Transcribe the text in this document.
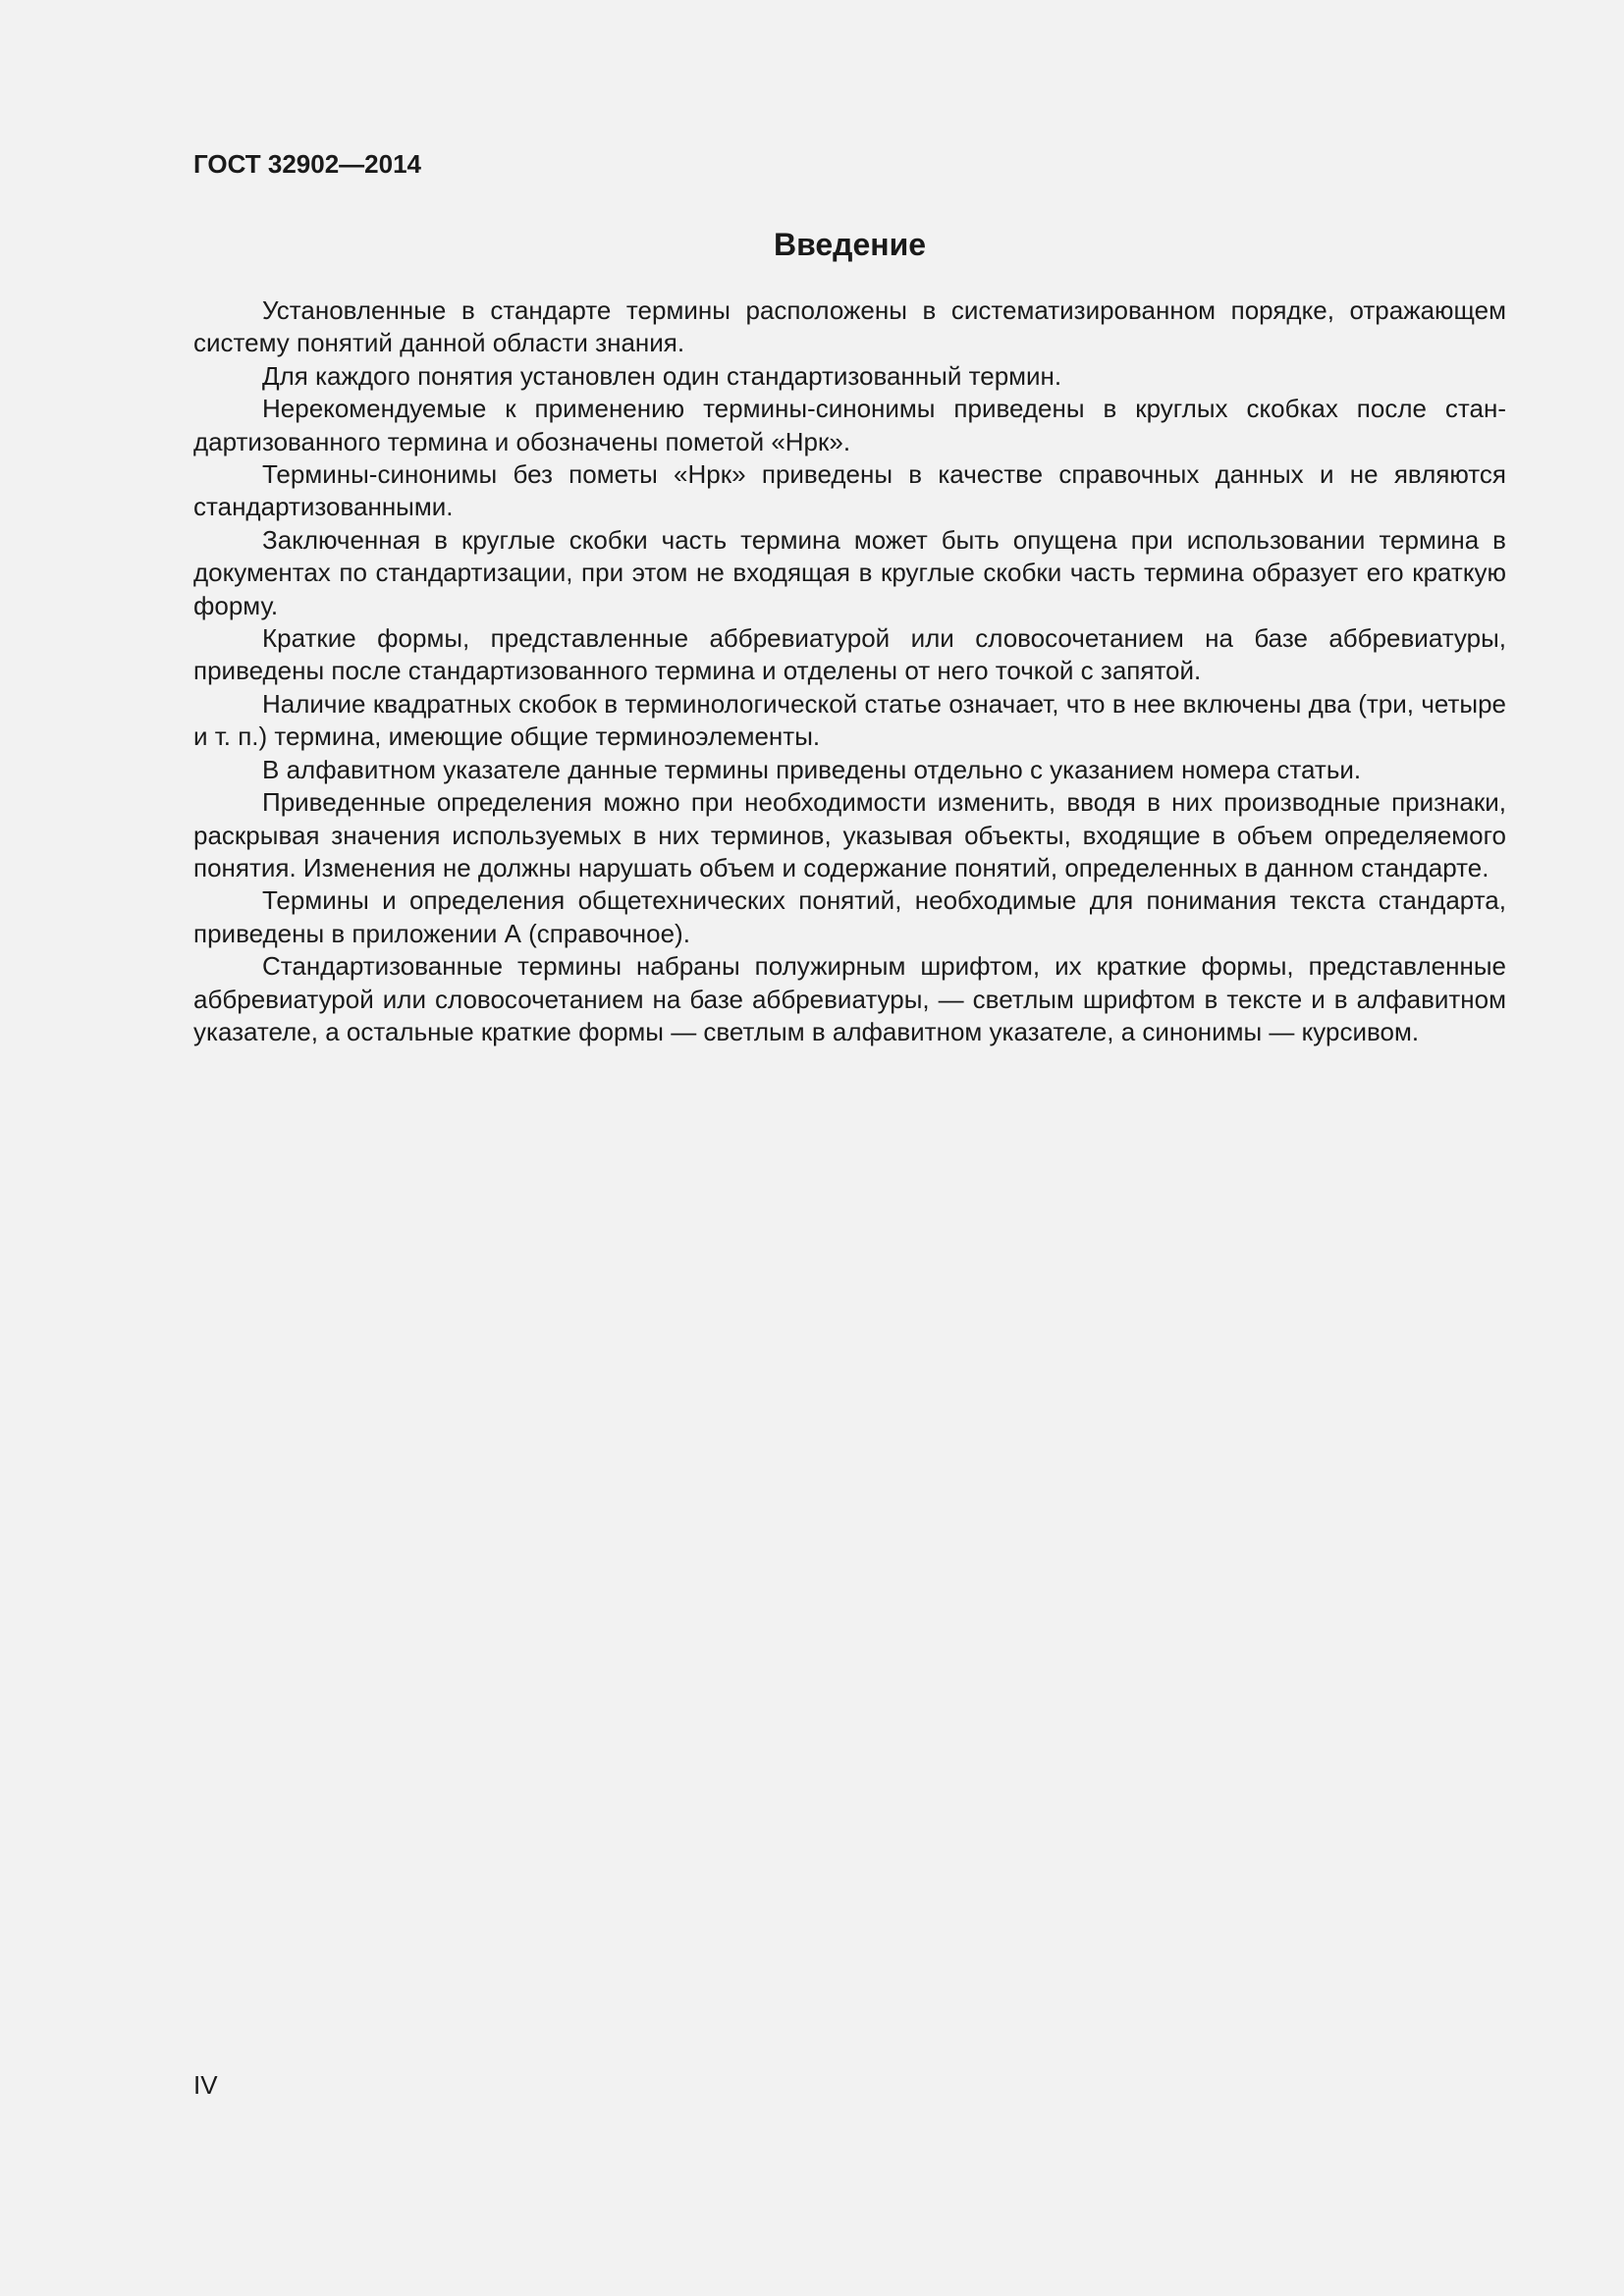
ГОСТ 32902—2014
Введение

Установленные в стандарте термины расположены в систематизированном порядке, отражающем систему понятий данной области знания.

Для каждого понятия установлен один стандартизованный термин.

Нерекомендуемые к применению термины-синонимы приведены в круглых скобках после стандартизованного термина и обозначены пометой «Нрк».

Термины-синонимы без пометы «Нрк» приведены в качестве справочных данных и не являются стандартизованными.

Заключенная в круглые скобки часть термина может быть опущена при использовании термина в документах по стандартизации, при этом не входящая в круглые скобки часть термина образует его краткую форму.

Краткие формы, представленные аббревиатурой или словосочетанием на базе аббревиатуры, приведены после стандартизованного термина и отделены от него точкой с запятой.

Наличие квадратных скобок в терминологической статье означает, что в нее включены два (три, четыре и т. п.) термина, имеющие общие терминоэлементы.

В алфавитном указателе данные термины приведены отдельно с указанием номера статьи.

Приведенные определения можно при необходимости изменить, вводя в них производные признаки, раскрывая значения используемых в них терминов, указывая объекты, входящие в объем определяемого понятия. Изменения не должны нарушать объем и содержание понятий, определенных в данном стандарте.

Термины и определения общетехнических понятий, необходимые для понимания текста стандарта, приведены в приложении А (справочное).

Стандартизованные термины набраны полужирным шрифтом, их краткие формы, представленные аббревиатурой или словосочетанием на базе аббревиатуры, — светлым шрифтом в тексте и в алфавитном указателе, а остальные краткие формы — светлым в алфавитном указателе, а синонимы — курсивом.

IV
